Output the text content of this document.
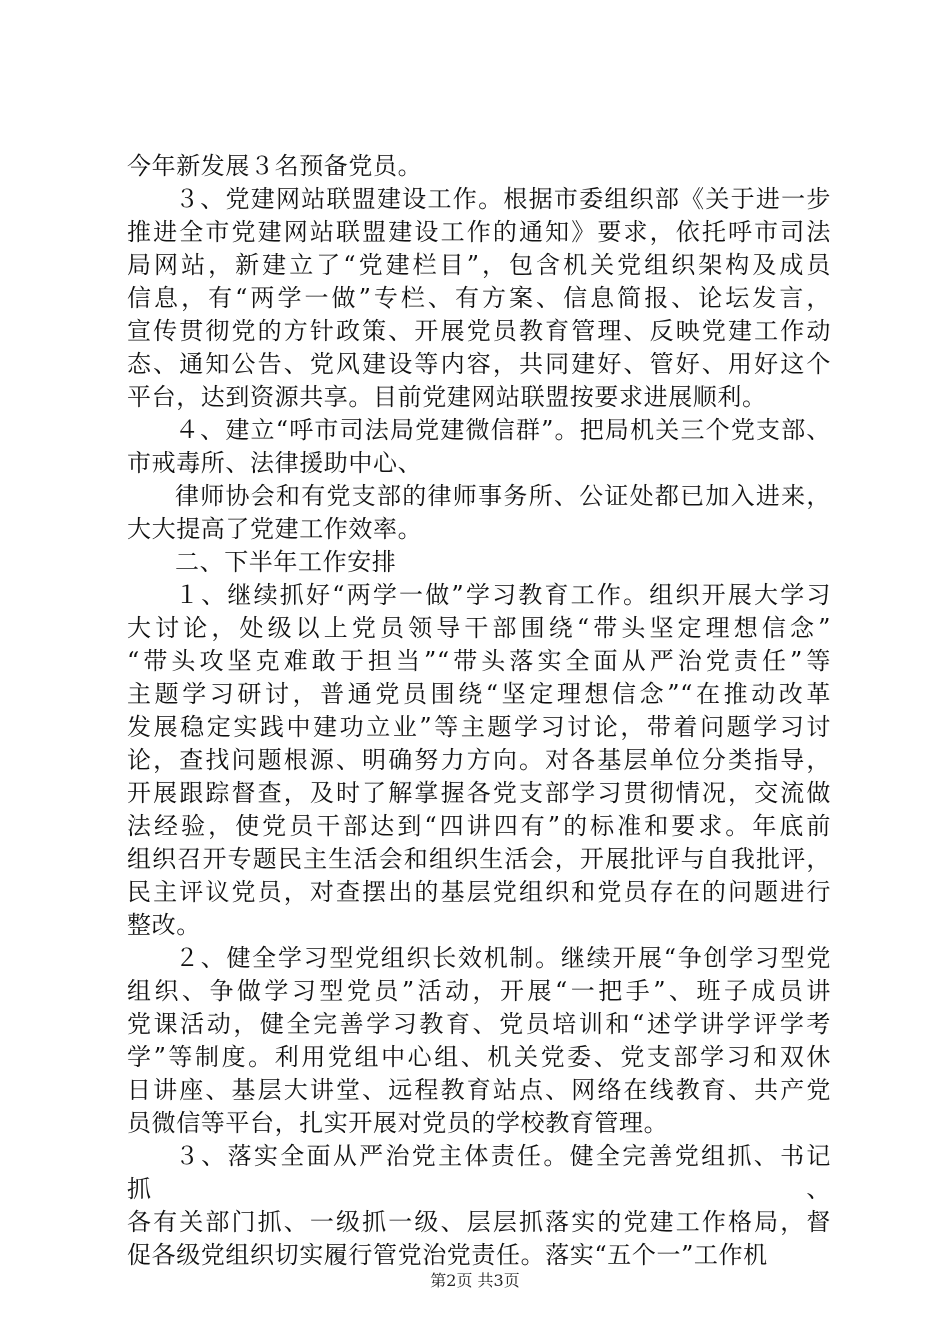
今年新发展３名预备党员。

３、党建网站联盟建设工作。根据市委组织部《关于进一步

推进全市党建网站联盟建设工作的通知》要求，依托呼市司法

局网站，新建立了“党建栏目”，包含机关党组织架构及成员

信息，有“两学一做”专栏、有方案、信息简报、论坛发言，

宣传贯彻党的方针政策、开展党员教育管理、反映党建工作动

态、通知公告、党风建设等内容，共同建好、管好、用好这个

平台，达到资源共享。目前党建网站联盟按要求进展顺利。

４、建立“呼市司法局党建微信群”。把局机关三个党支部、

市戒毒所、法律援助中心、

律师协会和有党支部的律师事务所、公证处都已加入进来，

大大提高了党建工作效率。

二、下半年工作安排

１、继续抓好“两学一做”学习教育工作。组织开展大学习

大讨论，处级以上党员领导干部围绕“带头坚定理想信念”

“带头攻坚克难敢于担当”“带头落实全面从严治党责任”等

主题学习研讨，普通党员围绕“坚定理想信念”“在推动改革

发展稳定实践中建功立业”等主题学习讨论，带着问题学习讨

论，查找问题根源、明确努力方向。对各基层单位分类指导，

开展跟踪督查，及时了解掌握各党支部学习贯彻情况，交流做

法经验，使党员干部达到“四讲四有”的标准和要求。年底前

组织召开专题民主生活会和组织生活会，开展批评与自我批评，

民主评议党员，对查摆出的基层党组织和党员存在的问题进行

整改。

２、健全学习型党组织长效机制。继续开展“争创学习型党

组织、争做学习型党员”活动，开展“一把手”、班子成员讲

党课活动，健全完善学习教育、党员培训和“述学讲学评学考

学”等制度。利用党组中心组、机关党委、党支部学习和双休

日讲座、基层大讲堂、远程教育站点、网络在线教育、共产党

员微信等平台，扎实开展对党员的学校教育管理。

３、落实全面从严治党主体责任。健全完善党组抓、书记抓、

各有关部门抓、一级抓一级、层层抓落实的党建工作格局，督

促各级党组织切实履行管党治党责任。落实“五个一”工作机

第2页 共3页
